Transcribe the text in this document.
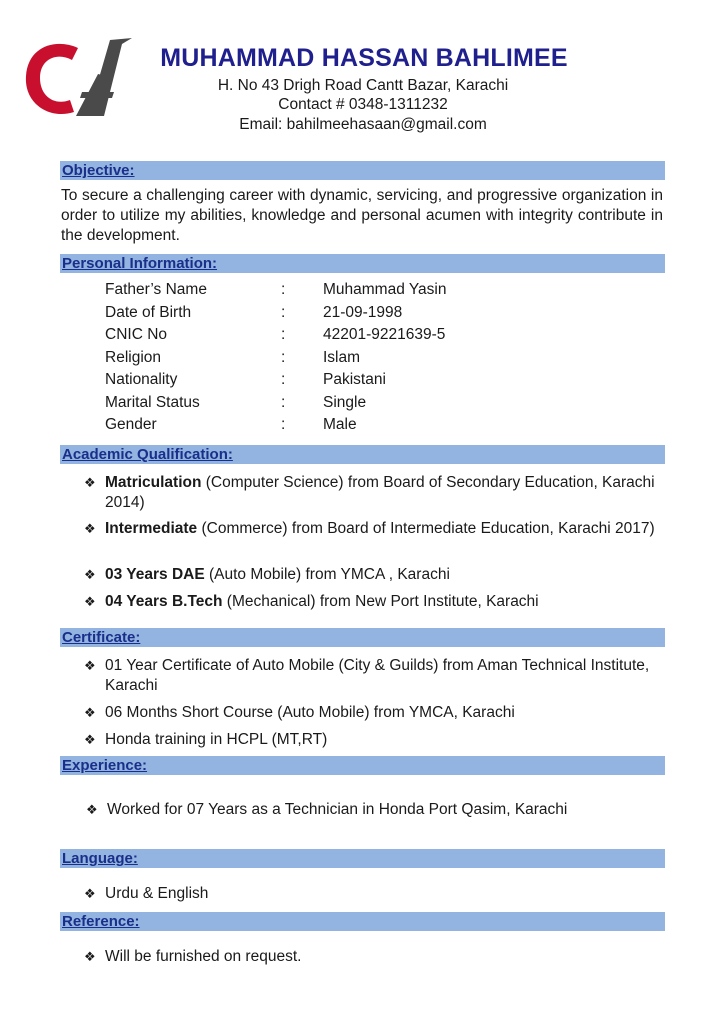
MUHAMMAD HASSAN BAHLIMEE
H. No 43 Drigh Road Cantt Bazar, Karachi
Contact # 0348-1311232
Email: bahilmeehasaan@gmail.com
Objective:
To secure a challenging career with dynamic, servicing, and progressive organization in order to utilize my abilities, knowledge and personal acumen with integrity contribute in the development.
Personal Information:
Father’s Name	: Muhammad Yasin
Date of Birth	: 21-09-1998
CNIC No	: 42201-9221639-5
Religion	: Islam
Nationality	: Pakistani
Marital Status	: Single
Gender	: Male
Academic Qualification:
❖ Matriculation (Computer Science) from Board of Secondary Education, Karachi 2014)
❖ Intermediate (Commerce) from Board of Intermediate Education, Karachi 2017)
❖ 03 Years DAE (Auto Mobile) from YMCA , Karachi
❖ 04 Years B.Tech (Mechanical) from New Port Institute, Karachi
Certificate:
❖ 01 Year Certificate of Auto Mobile (City & Guilds) from Aman Technical Institute, Karachi
❖ 06 Months Short Course (Auto Mobile) from YMCA, Karachi
❖ Honda training in HCPL (MT,RT)
Experience:
❖ Worked for 07 Years as a Technician in Honda Port Qasim, Karachi
Language:
❖ Urdu & English
Reference:
❖ Will be furnished on request.
